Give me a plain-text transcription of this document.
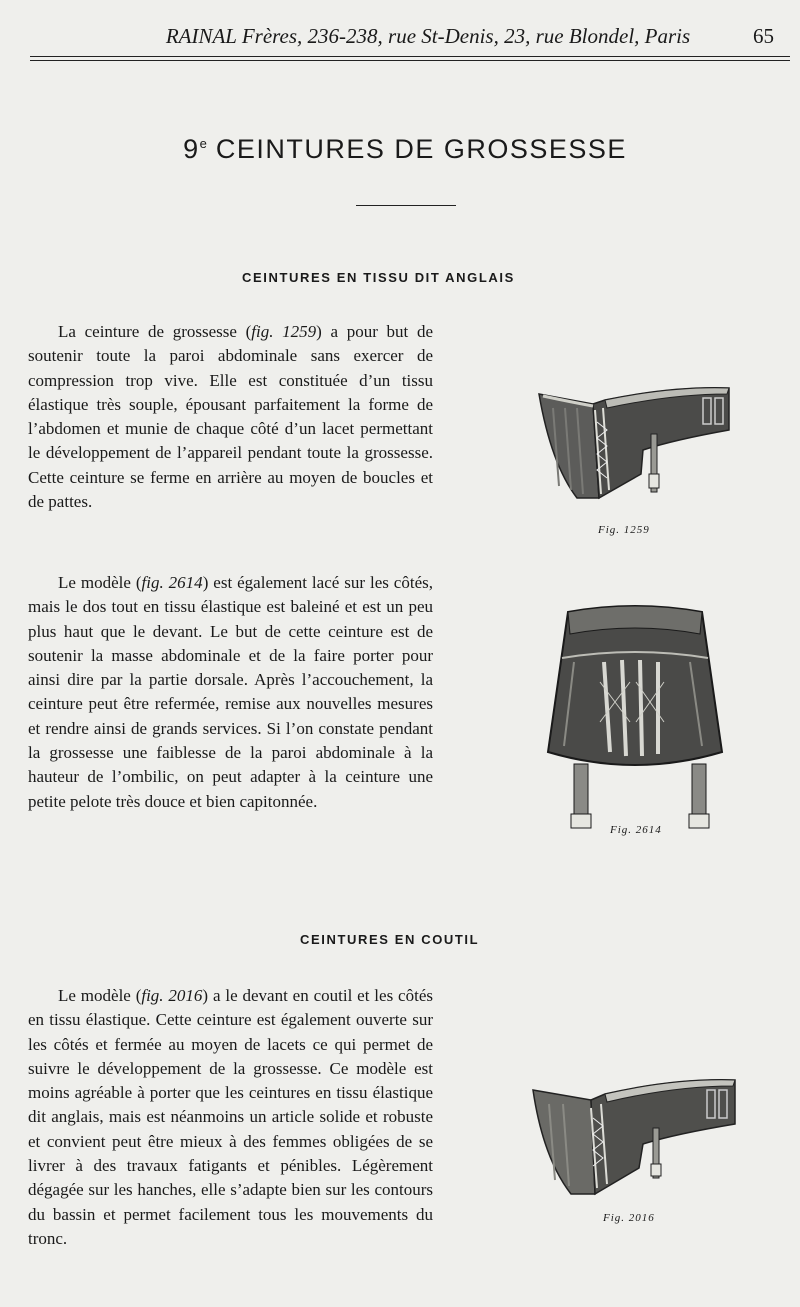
RAINAL Frères, 236-238, rue St-Denis, 23, rue Blondel, Paris	65
9e CEINTURES DE GROSSESSE
CEINTURES EN TISSU DIT ANGLAIS

La ceinture de grossesse (fig. 1259) a pour but de soutenir toute la paroi abdominale sans exercer de compression trop vive. Elle est constituée d’un tissu élastique très souple, épousant parfaitement la forme de l’abdomen et munie de chaque côté d’un lacet permettant le développement de l’appareil pendant toute la grossesse. Cette ceinture se ferme en arrière au moyen de boucles et de pattes.

Fig. 1259

Le modèle (fig. 2614) est également lacé sur les côtés, mais le dos tout en tissu élastique est baleiné et est un peu plus haut que le devant. Le but de cette ceinture est de soutenir la masse abdominale et de la faire porter pour ainsi dire par la partie dorsale. Après l’accouchement, la ceinture peut être refermée, remise aux nouvelles mesures et rendre ainsi de grands services. Si l’on constate pendant la grossesse une faiblesse de la paroi abdominale à la hauteur de l’ombilic, on peut adapter à la ceinture une petite pelote très douce et bien capitonnée.

Fig. 2614
CEINTURES EN COUTIL

Le modèle (fig. 2016) a le devant en coutil et les côtés en tissu élastique. Cette ceinture est également ouverte sur les côtés et fermée au moyen de lacets ce qui permet de suivre le développement de la grossesse. Ce modèle est moins agréable à porter que les ceintures en tissu élastique dit anglais, mais est néanmoins un article solide et robuste et convient peut être mieux à des femmes obligées de se livrer à des travaux fatigants et pénibles. Légèrement dégagée sur les hanches, elle s’adapte bien sur les contours du bassin et permet facilement tous les mouvements du tronc.

Fig. 2016
